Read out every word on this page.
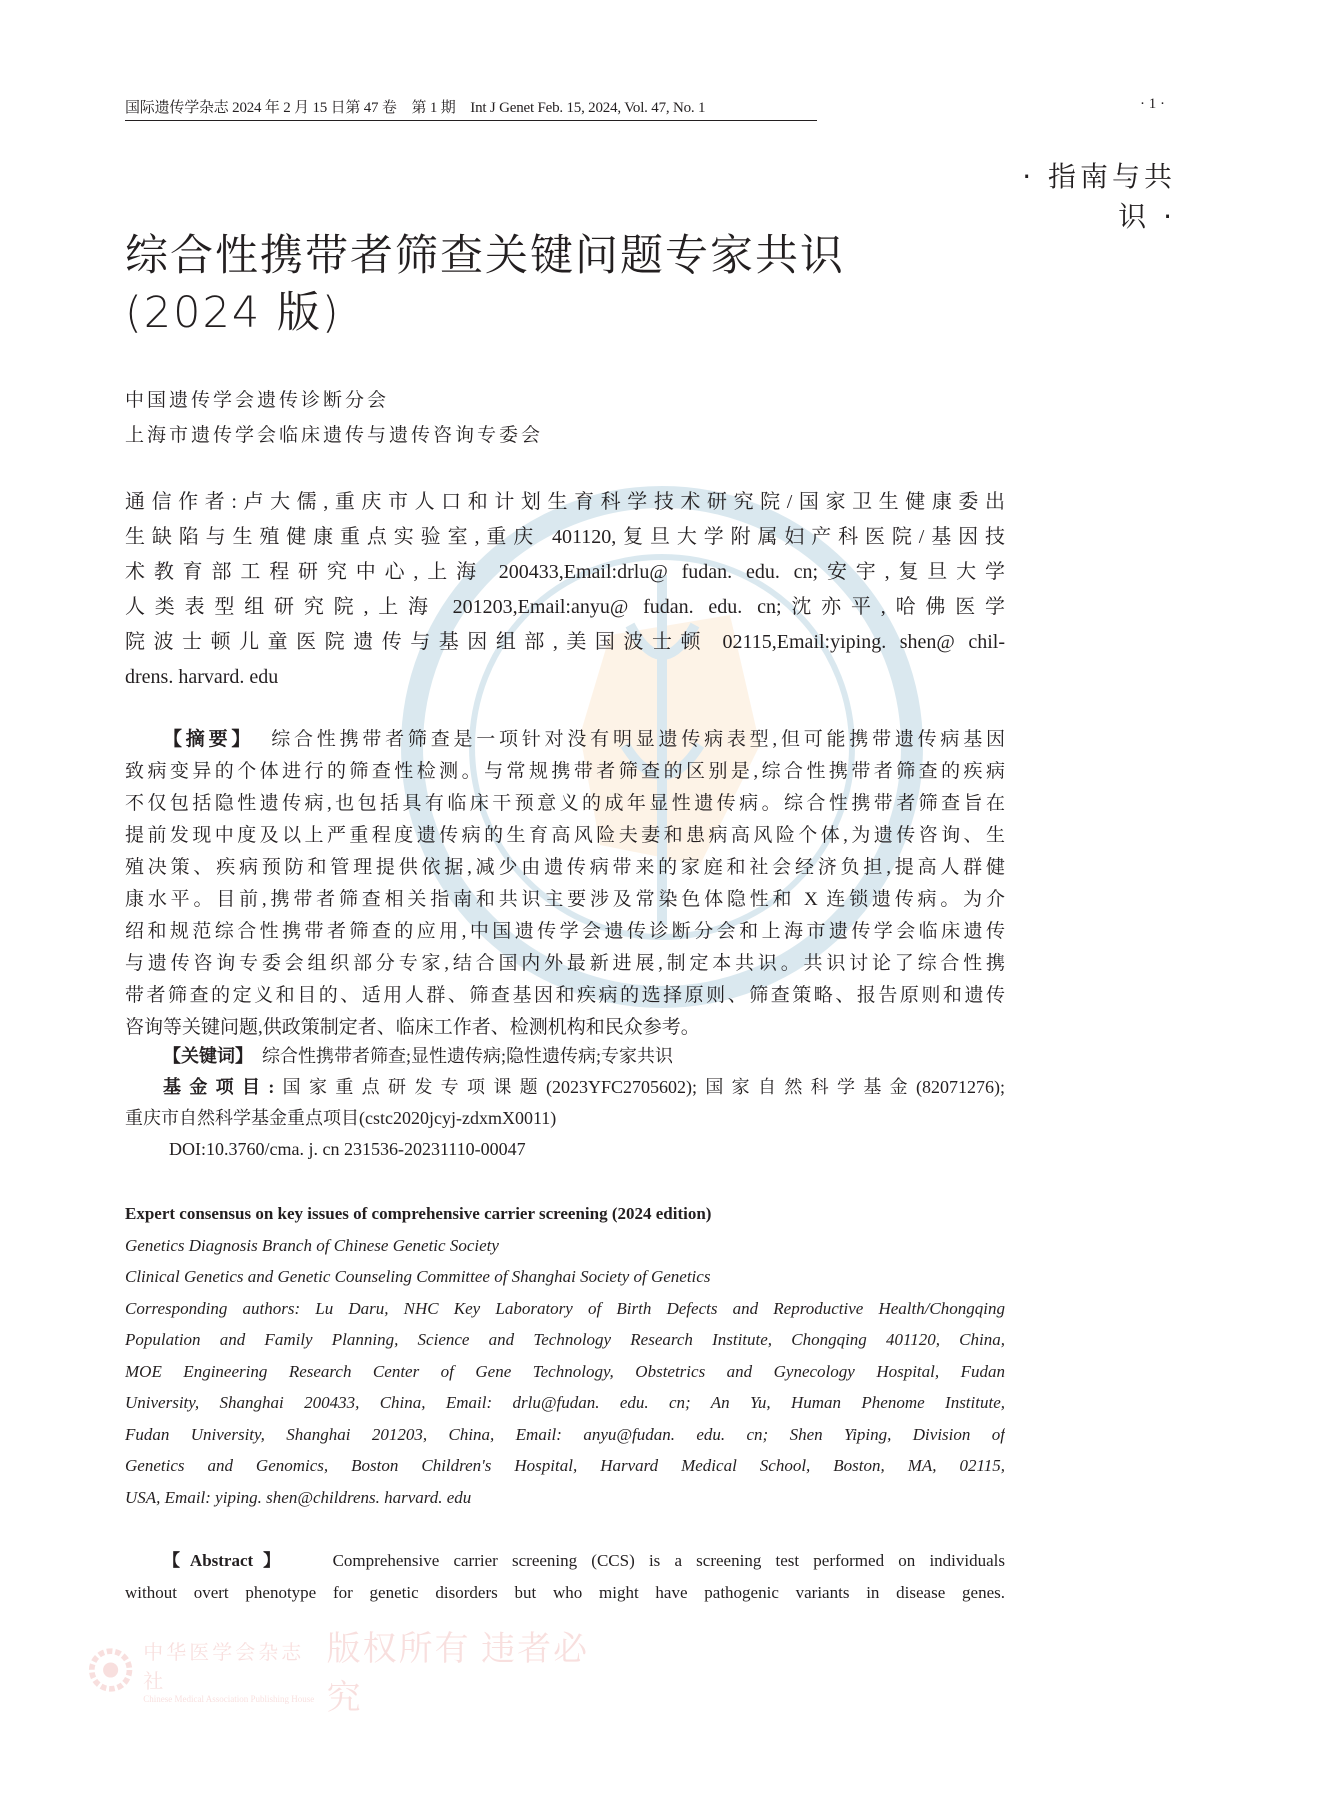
国际遗传学杂志 2024 年 2 月 15 日第 47 卷　第 1 期　Int J Genet Feb. 15, 2024, Vol. 47, No. 1	· 1 ·
· 指南与共识 ·
综合性携带者筛查关键问题专家共识
(2024 版)
中国遗传学会遗传诊断分会
上海市遗传学会临床遗传与遗传咨询专委会
通信作者:卢大儒,重庆市人口和计划生育科学技术研究院/国家卫生健康委出
生缺陷与生殖健康重点实验室,重庆 401120,复旦大学附属妇产科医院/基因技
术教育部工程研究中心,上海 200433,Email:drlu@ fudan. edu. cn;安宇,复旦大学
人类表型组研究院,上海 201203,Email:anyu@ fudan. edu. cn;沈亦平,哈佛医学
院波士顿儿童医院遗传与基因组部,美国波士顿 02115,Email:yiping. shen@ chil-
drens. harvard. edu
【摘要】 综合性携带者筛查是一项针对没有明显遗传病表型,但可能携带遗传病基因
致病变异的个体进行的筛查性检测。与常规携带者筛查的区别是,综合性携带者筛查的疾病
不仅包括隐性遗传病,也包括具有临床干预意义的成年显性遗传病。综合性携带者筛查旨在
提前发现中度及以上严重程度遗传病的生育高风险夫妻和患病高风险个体,为遗传咨询、生
殖决策、疾病预防和管理提供依据,减少由遗传病带来的家庭和社会经济负担,提高人群健
康水平。目前,携带者筛查相关指南和共识主要涉及常染色体隐性和 X 连锁遗传病。为介
绍和规范综合性携带者筛查的应用,中国遗传学会遗传诊断分会和上海市遗传学会临床遗传
与遗传咨询专委会组织部分专家,结合国内外最新进展,制定本共识。共识讨论了综合性携
带者筛查的定义和目的、适用人群、筛查基因和疾病的选择原则、筛查策略、报告原则和遗传
咨询等关键问题,供政策制定者、临床工作者、检测机构和民众参考。
【关键词】 综合性携带者筛查;显性遗传病;隐性遗传病;专家共识
基金项目:国家重点研发专项课题(2023YFC2705602);国家自然科学基金(82071276);
重庆市自然科学基金重点项目(cstc2020jcyj-zdxmX0011)
DOI:10.3760/cma. j. cn 231536-20231110-00047
Expert consensus on key issues of comprehensive carrier screening (2024 edition)
Genetics Diagnosis Branch of Chinese Genetic Society
Clinical Genetics and Genetic Counseling Committee of Shanghai Society of Genetics
Corresponding authors: Lu Daru, NHC Key Laboratory of Birth Defects and Reproductive Health/Chongqing
Population and Family Planning, Science and Technology Research Institute, Chongqing 401120, China,
MOE Engineering Research Center of Gene Technology, Obstetrics and Gynecology Hospital, Fudan
University, Shanghai 200433, China, Email: drlu@fudan. edu. cn; An Yu, Human Phenome Institute,
Fudan University, Shanghai 201203, China, Email: anyu@fudan. edu. cn; Shen Yiping, Division of
Genetics and Genomics, Boston Children's Hospital, Harvard Medical School, Boston, MA, 02115,
USA, Email: yiping. shen@childrens. harvard. edu
【Abstract】	Comprehensive carrier screening (CCS) is a screening test performed on individuals
without overt phenotype for genetic disorders but who might have pathogenic variants in disease genes.
中华医学会杂志社
Chinese Medical Association Publishing House
版权所有 违者必究
